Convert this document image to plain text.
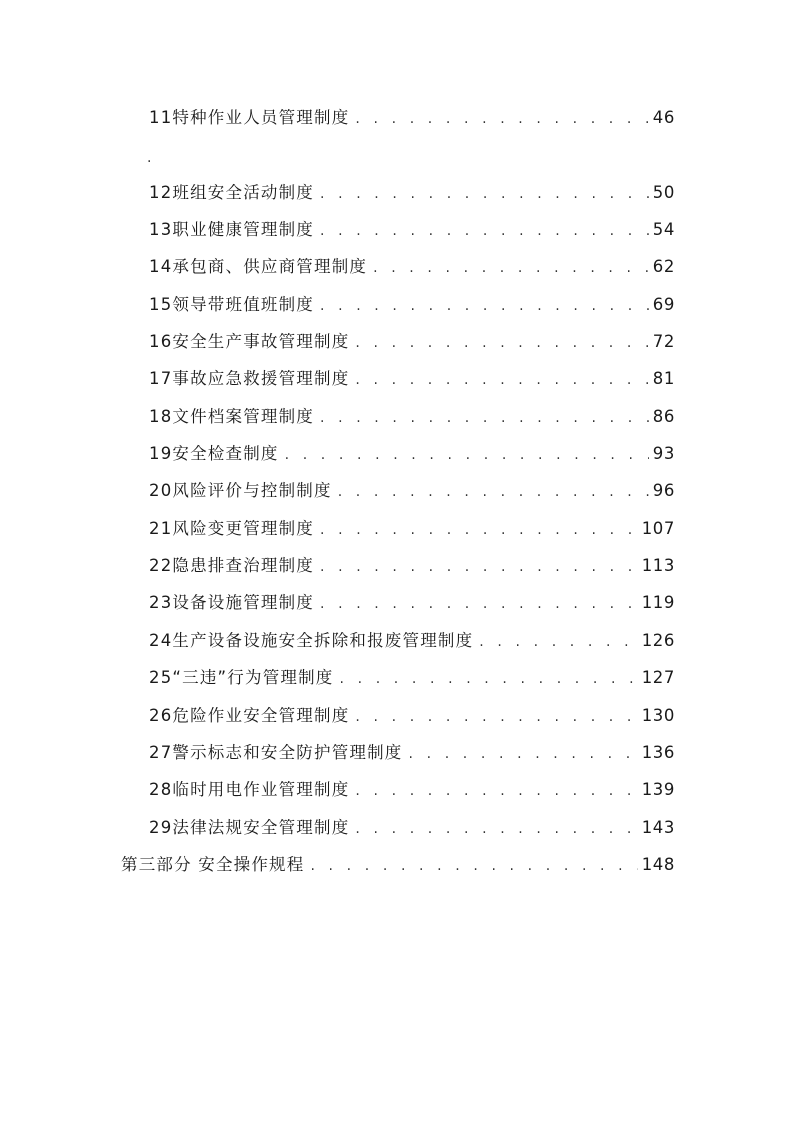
11特种作业人员管理制度 . . .	46
12班组安全活动制度 . . .	50
13职业健康管理制度 . . .	54
14承包商、供应商管理制度 . . .	62
15领导带班值班制度 . . .	69
16安全生产事故管理制度 . . .	72
17事故应急救援管理制度 . . .	81
18文件档案管理制度 . . .	86
19安全检查制度 . . .	93
20风险评价与控制制度 . . .	96
21风险变更管理制度 . . .	107
22隐患排查治理制度 . . .	113
23设备设施管理制度 . . .	119
24生产设备设施安全拆除和报废管理制度 . . .	126
25“三违”行为管理制度 . . .	127
26危险作业安全管理制度 . . .	130
27警示标志和安全防护管理制度 . . .	136
28临时用电作业管理制度 . . .	139
29法律法规安全管理制度 . . .	143
第三部分 安全操作规程 . . .	148
.
